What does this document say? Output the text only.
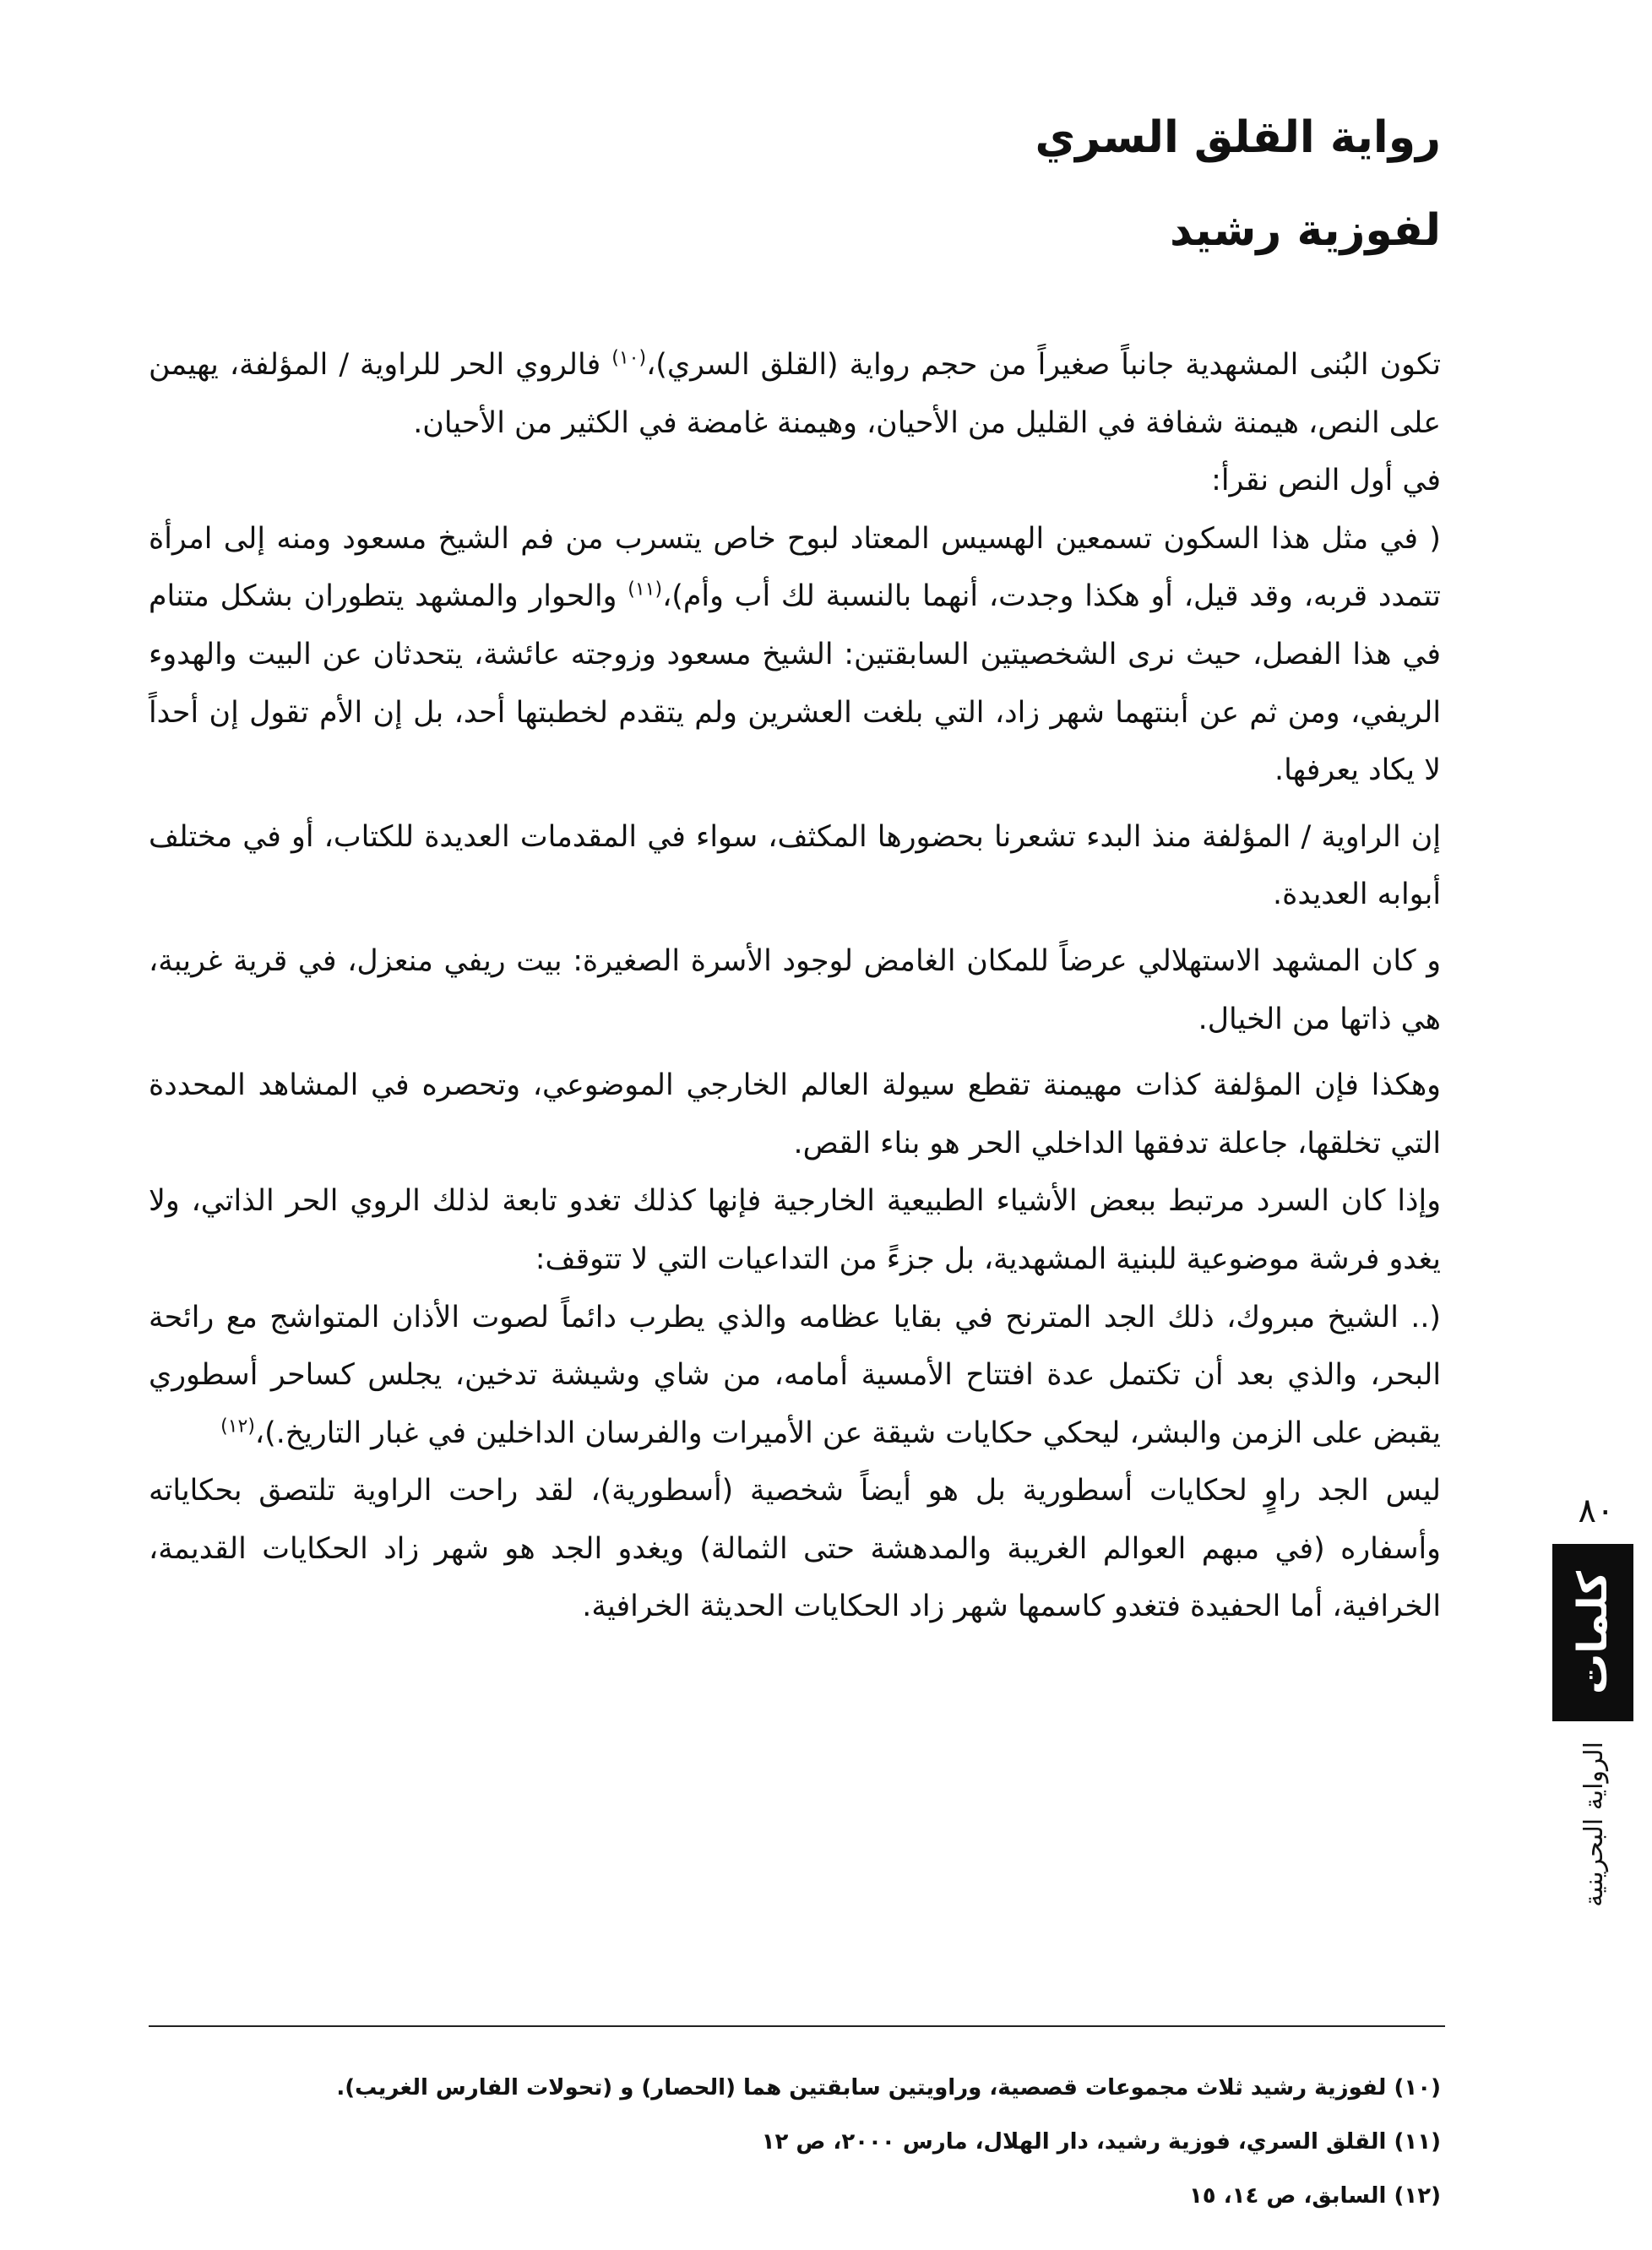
رواية القلق السري
لفوزية رشيد

تكون البُنى المشهدية جانباً صغيراً من حجم رواية (القلق السري)،$^{(١٠)}$ فالروي الحر للراوية / المؤلفة، يهيمن على النص، هيمنة شفافة في القليل من الأحيان، وهيمنة غامضة في الكثير من الأحيان.

في أول النص نقرأ:

( في مثل هذا السكون تسمعين الهسيس المعتاد لبوح خاص يتسرب من فم الشيخ مسعود ومنه إلى امرأة تتمدد قربه، وقد قيل، أو هكذا وجدت، أنهما بالنسبة لك أب وأم)،$^{(١١)}$ والحوار والمشهد يتطوران بشكل متنام في هذا الفصل، حيث نرى الشخصيتين السابقتين: الشيخ مسعود وزوجته عائشة، يتحدثان عن البيت والهدوء الريفي، ومن ثم عن أبنتهما شهر زاد، التي بلغت العشرين ولم يتقدم لخطبتها أحد، بل إن الأم تقول إن أحداً لا يكاد يعرفها.

إن الراوية / المؤلفة منذ البدء تشعرنا بحضورها المكثف، سواء في المقدمات العديدة للكتاب، أو في مختلف أبوابه العديدة.

و كان المشهد الاستهلالي عرضاً للمكان الغامض لوجود الأسرة الصغيرة: بيت ريفي منعزل، في قرية غريبة، هي ذاتها من الخيال.

وهكذا فإن المؤلفة كذات مهيمنة تقطع سيولة العالم الخارجي الموضوعي، وتحصره في المشاهد المحددة التي تخلقها، جاعلة تدفقها الداخلي الحر هو بناء القص.

وإذا كان السرد مرتبط ببعض الأشياء الطبيعية الخارجية فإنها كذلك تغدو تابعة لذلك الروي الحر الذاتي، ولا يغدو فرشة موضوعية للبنية المشهدية، بل جزءً من التداعيات التي لا تتوقف:

(.. الشيخ مبروك، ذلك الجد المترنح في بقايا عظامه والذي يطرب دائماً لصوت الأذان المتواشج مع رائحة البحر، والذي بعد أن تكتمل عدة افتتاح الأمسية أمامه، من شاي وشيشة تدخين، يجلس كساحر أسطوري يقبض على الزمن والبشر، ليحكي حكايات شيقة عن الأميرات والفرسان الداخلين في غبار التاريخ.)،$^{(١٢)}$

ليس الجد راوٍ لحكايات أسطورية بل هو أيضاً شخصية (أسطورية)، لقد راحت الراوية تلتصق بحكاياته وأسفاره (في مبهم العوالم الغريبة والمدهشة حتى الثمالة) ويغدو الجد هو شهر زاد الحكايات القديمة، الخرافية، أما الحفيدة فتغدو كاسمها شهر زاد الحكايات الحديثة الخرافية.

(١٠) لفوزية رشيد ثلاث مجموعات قصصية، وراويتين سابقتين هما (الحصار) و (تحولات الفارس الغريب).
(١١) القلق السري، فوزية رشيد، دار الهلال، مارس ٢٠٠٠، ص ١٢
(١٢) السابق، ص ١٤، ١٥
٨٠
كلمات
الرواية البحرينية
